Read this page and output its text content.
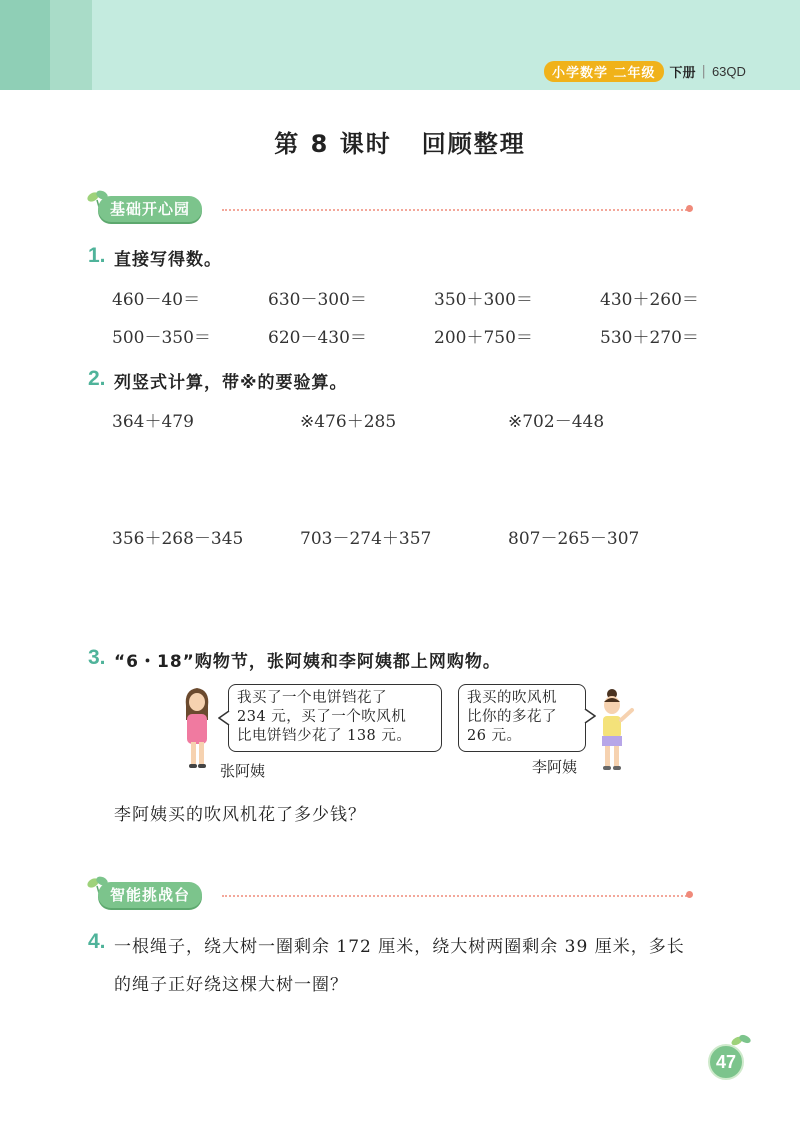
小学数学 二年级	下册 | 63QD
第 8 课时 回顾整理
基础开心园
1. 直接写得数。
460－40＝	630－300＝	350＋300＝	430＋260＝
500－350＝	620－430＝	200＋750＝	530＋270＝
2. 列竖式计算，带※的要验算。
364＋479	※476＋285	※702－448
356＋268－345	703－274＋357	807－265－307
3. “6・18”购物节，张阿姨和李阿姨都上网购物。
我买了一个电饼铛花了
234 元，买了一个吹风机
比电饼铛少花了 138 元。
我买的吹风机
比你的多花了
26 元。
张阿姨	李阿姨
李阿姨买的吹风机花了多少钱？
智能挑战台
4. 一根绳子，绕大树一圈剩余 172 厘米，绕大树两圈剩余 39 厘米，多长
的绳子正好绕这棵大树一圈？
47
